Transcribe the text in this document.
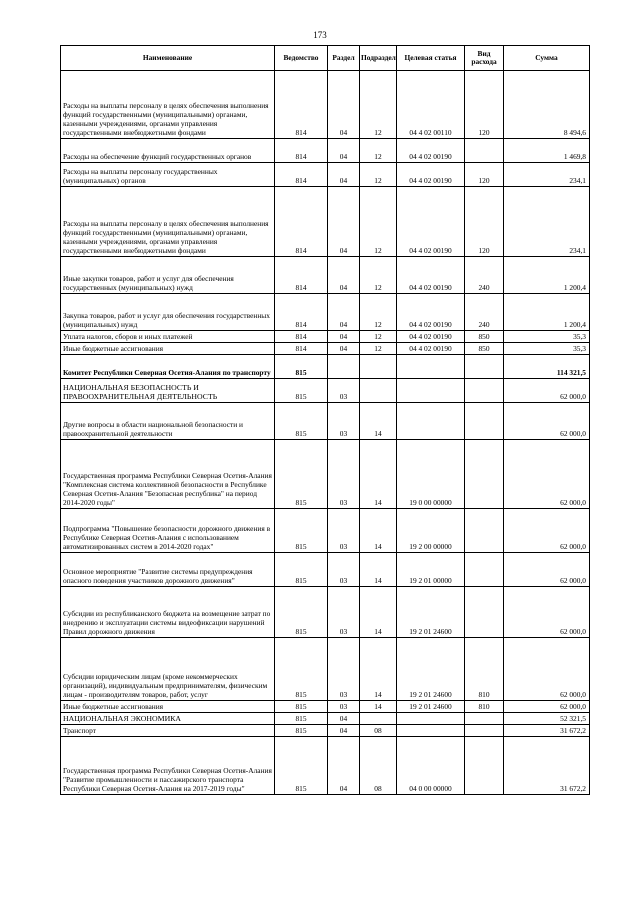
173
Наименование	Ведомство	Раздел	Подраздел	Целевая статья	Вид расхода	Сумма
Расходы на выплаты персоналу в целях обеспечения выполнения функций государственными (муниципальными) органами, казенными учреждениями, органами управления государственными внебюджетными фондами	814	04	12	04 4 02 00110	120	8 494,6
Расходы на обеспечение функций государственных органов	814	04	12	04 4 02 00190		1 469,8
Расходы на выплаты персоналу государственных (муниципальных) органов	814	04	12	04 4 02 00190	120	234,1
Расходы на выплаты персоналу в целях обеспечения выполнения функций государственными (муниципальными) органами, казенными учреждениями, органами управления государственными внебюджетными фондами	814	04	12	04 4 02 00190	120	234,1
Иные закупки товаров, работ и услуг для обеспечения государственных (муниципальных) нужд	814	04	12	04 4 02 00190	240	1 200,4
Закупка товаров, работ и услуг для обеспечения государственных (муниципальных) нужд	814	04	12	04 4 02 00190	240	1 200,4
Уплата налогов, сборов и иных платежей	814	04	12	04 4 02 00190	850	35,3
Иные бюджетные ассигнования	814	04	12	04 4 02 00190	850	35,3
Комитет Республики Северная Осетия-Алания по транспорту	815					114 321,5
НАЦИОНАЛЬНАЯ БЕЗОПАСНОСТЬ И ПРАВООХРАНИТЕЛЬНАЯ ДЕЯТЕЛЬНОСТЬ	815	03				62 000,0
Другие вопросы в области национальной безопасности и правоохранительной деятельности	815	03	14			62 000,0
Государственная программа Республики Северная Осетия-Алания "Комплексная система коллективной безопасности в Республике Северная Осетия-Алания "Безопасная республика" на период 2014-2020 годы"	815	03	14	19 0 00 00000		62 000,0
Подпрограмма "Повышение безопасности дорожного движения в Республике Северная Осетия-Алания с использованием автоматизированных систем в 2014-2020 годах"	815	03	14	19 2 00 00000		62 000,0
Основное мероприятие "Развитие системы предупреждения опасного поведения участников дорожного движения"	815	03	14	19 2 01 00000		62 000,0
Субсидии из республиканского бюджета на возмещение затрат по внедрению и эксплуатации системы видеофиксации нарушений Правил дорожного движения	815	03	14	19 2 01 24600		62 000,0
Субсидии юридическим лицам (кроме некоммерческих организаций), индивидуальным предпринимателям, физическим лицам - производителям товаров, работ, услуг	815	03	14	19 2 01 24600	810	62 000,0
Иные бюджетные ассигнования	815	03	14	19 2 01 24600	810	62 000,0
НАЦИОНАЛЬНАЯ ЭКОНОМИКА	815	04				52 321,5
Транспорт	815	04	08			31 672,2
Государственная программа Республики Северная Осетия-Алания "Развитие промышленности и пассажирского транспорта Республики Северная Осетия-Алания на 2017-2019 годы"	815	04	08	04 0 00 00000		31 672,2
